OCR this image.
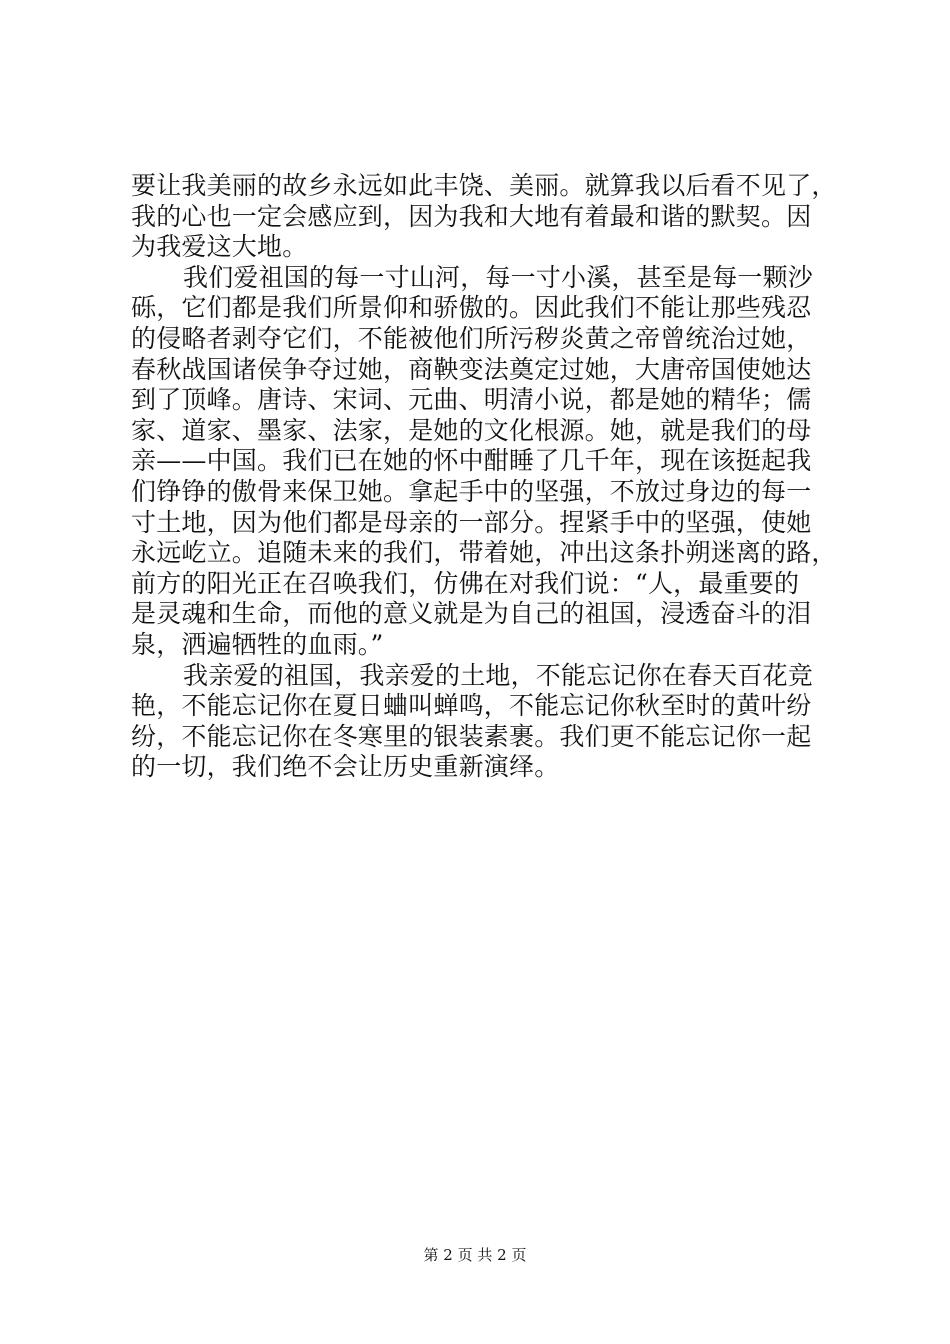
要让我美丽的故乡永远如此丰饶、美丽。就算我以后看不见了，
我的心也一定会感应到，因为我和大地有着最和谐的默契。因
为我爱这大地。
我们爱祖国的每一寸山河，每一寸小溪，甚至是每一颗沙
砾，它们都是我们所景仰和骄傲的。因此我们不能让那些残忍
的侵略者剥夺它们，不能被他们所污秽炎黄之帝曾统治过她，
春秋战国诸侯争夺过她，商鞅变法奠定过她，大唐帝国使她达
到了顶峰。唐诗、宋词、元曲、明清小说，都是她的精华；儒
家、道家、墨家、法家，是她的文化根源。她，就是我们的母
亲——中国。我们已在她的怀中酣睡了几千年，现在该挺起我
们铮铮的傲骨来保卫她。拿起手中的坚强，不放过身边的每一
寸土地，因为他们都是母亲的一部分。捏紧手中的坚强，使她
永远屹立。追随未来的我们，带着她，冲出这条扑朔迷离的路，
前方的阳光正在召唤我们，仿佛在对我们说：“人，最重要的
是灵魂和生命，而他的意义就是为自己的祖国，浸透奋斗的泪
泉，洒遍牺牲的血雨。”
我亲爱的祖国，我亲爱的土地，不能忘记你在春天百花竞
艳，不能忘记你在夏日蛐叫蝉鸣，不能忘记你秋至时的黄叶纷
纷，不能忘记你在冬寒里的银装素裹。我们更不能忘记你一起
的一切，我们绝不会让历史重新演绎。
第 2 页 共 2 页
